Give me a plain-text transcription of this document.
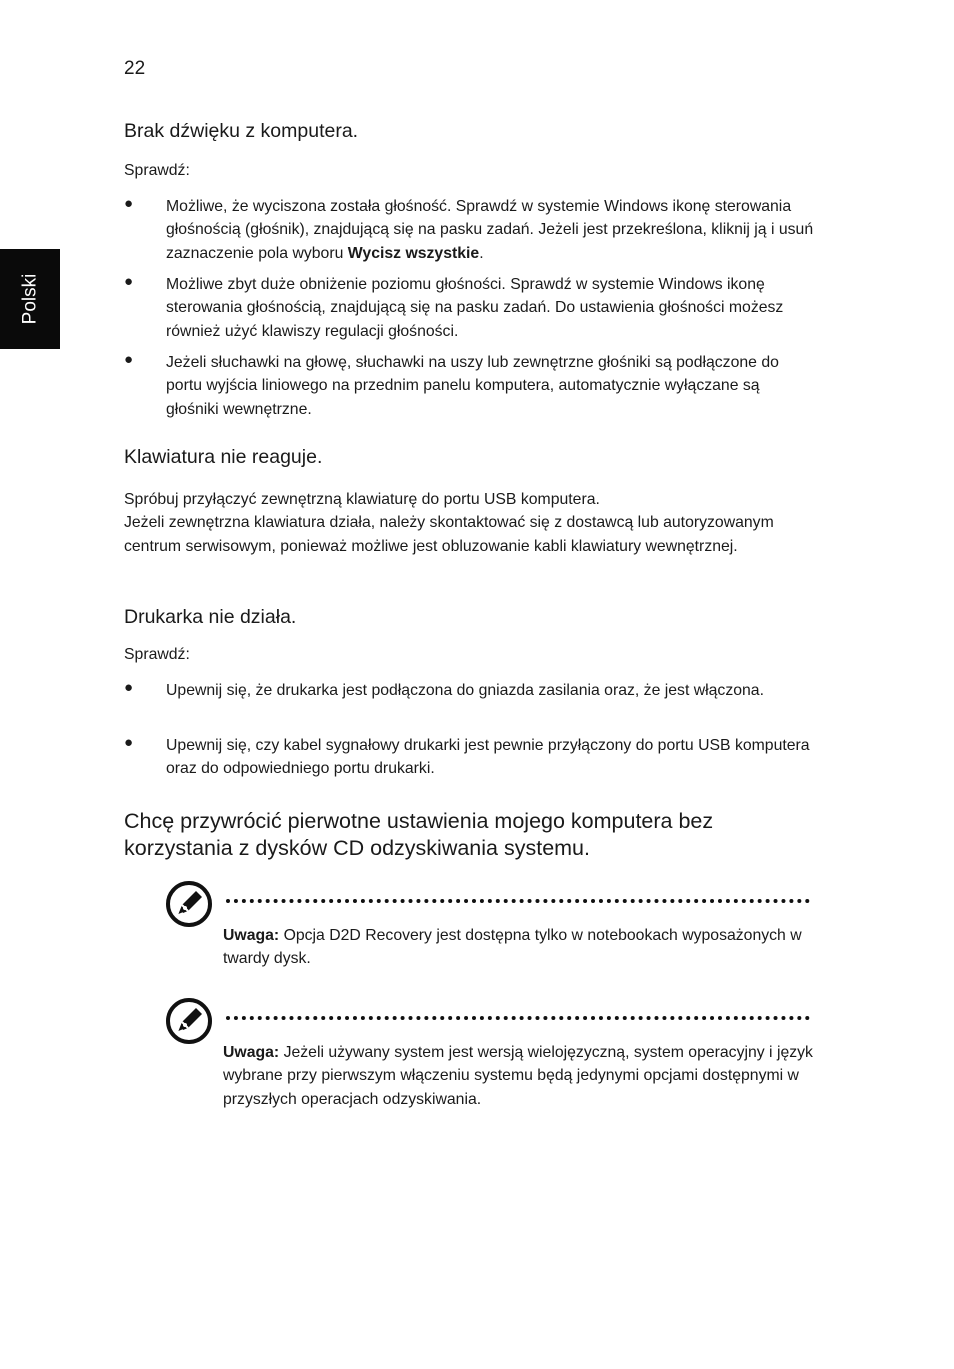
22
Polski
Brak dźwięku z komputera.
Sprawdź:
● Możliwe, że wyciszona została głośność. Sprawdź w systemie Windows ikonę sterowania głośnością (głośnik), znajdującą się na pasku zadań. Jeżeli jest przekreślona, kliknij ją i usuń zaznaczenie pola wyboru Wycisz wszystkie.
● Możliwe zbyt duże obniżenie poziomu głośności. Sprawdź w systemie Windows ikonę sterowania głośnością, znajdującą się na pasku zadań. Do ustawienia głośności możesz również użyć klawiszy regulacji głośności.
● Jeżeli słuchawki na głowę, słuchawki na uszy lub zewnętrzne głośniki są podłączone do portu wyjścia liniowego na przednim panelu komputera, automatycznie wyłączane są głośniki wewnętrzne.
Klawiatura nie reaguje.
Spróbuj przyłączyć zewnętrzną klawiaturę do portu USB komputera.
Jeżeli zewnętrzna klawiatura działa, należy skontaktować się z dostawcą lub autoryzowanym centrum serwisowym, ponieważ możliwe jest obluzowanie kabli klawiatury wewnętrznej.
Drukarka nie działa.
Sprawdź:
● Upewnij się, że drukarka jest podłączona do gniazda zasilania oraz, że jest włączona.
● Upewnij się, czy kabel sygnałowy drukarki jest pewnie przyłączony do portu USB komputera oraz do odpowiedniego portu drukarki.
Chcę przywrócić pierwotne ustawienia mojego komputera bez korzystania z dysków CD odzyskiwania systemu.
Uwaga: Opcja D2D Recovery jest dostępna tylko w notebookach wyposażonych w twardy dysk.
Uwaga: Jeżeli używany system jest wersją wielojęzyczną, system operacyjny i język wybrane przy pierwszym włączeniu systemu będą jedynymi opcjami dostępnymi w przyszłych operacjach odzyskiwania.
